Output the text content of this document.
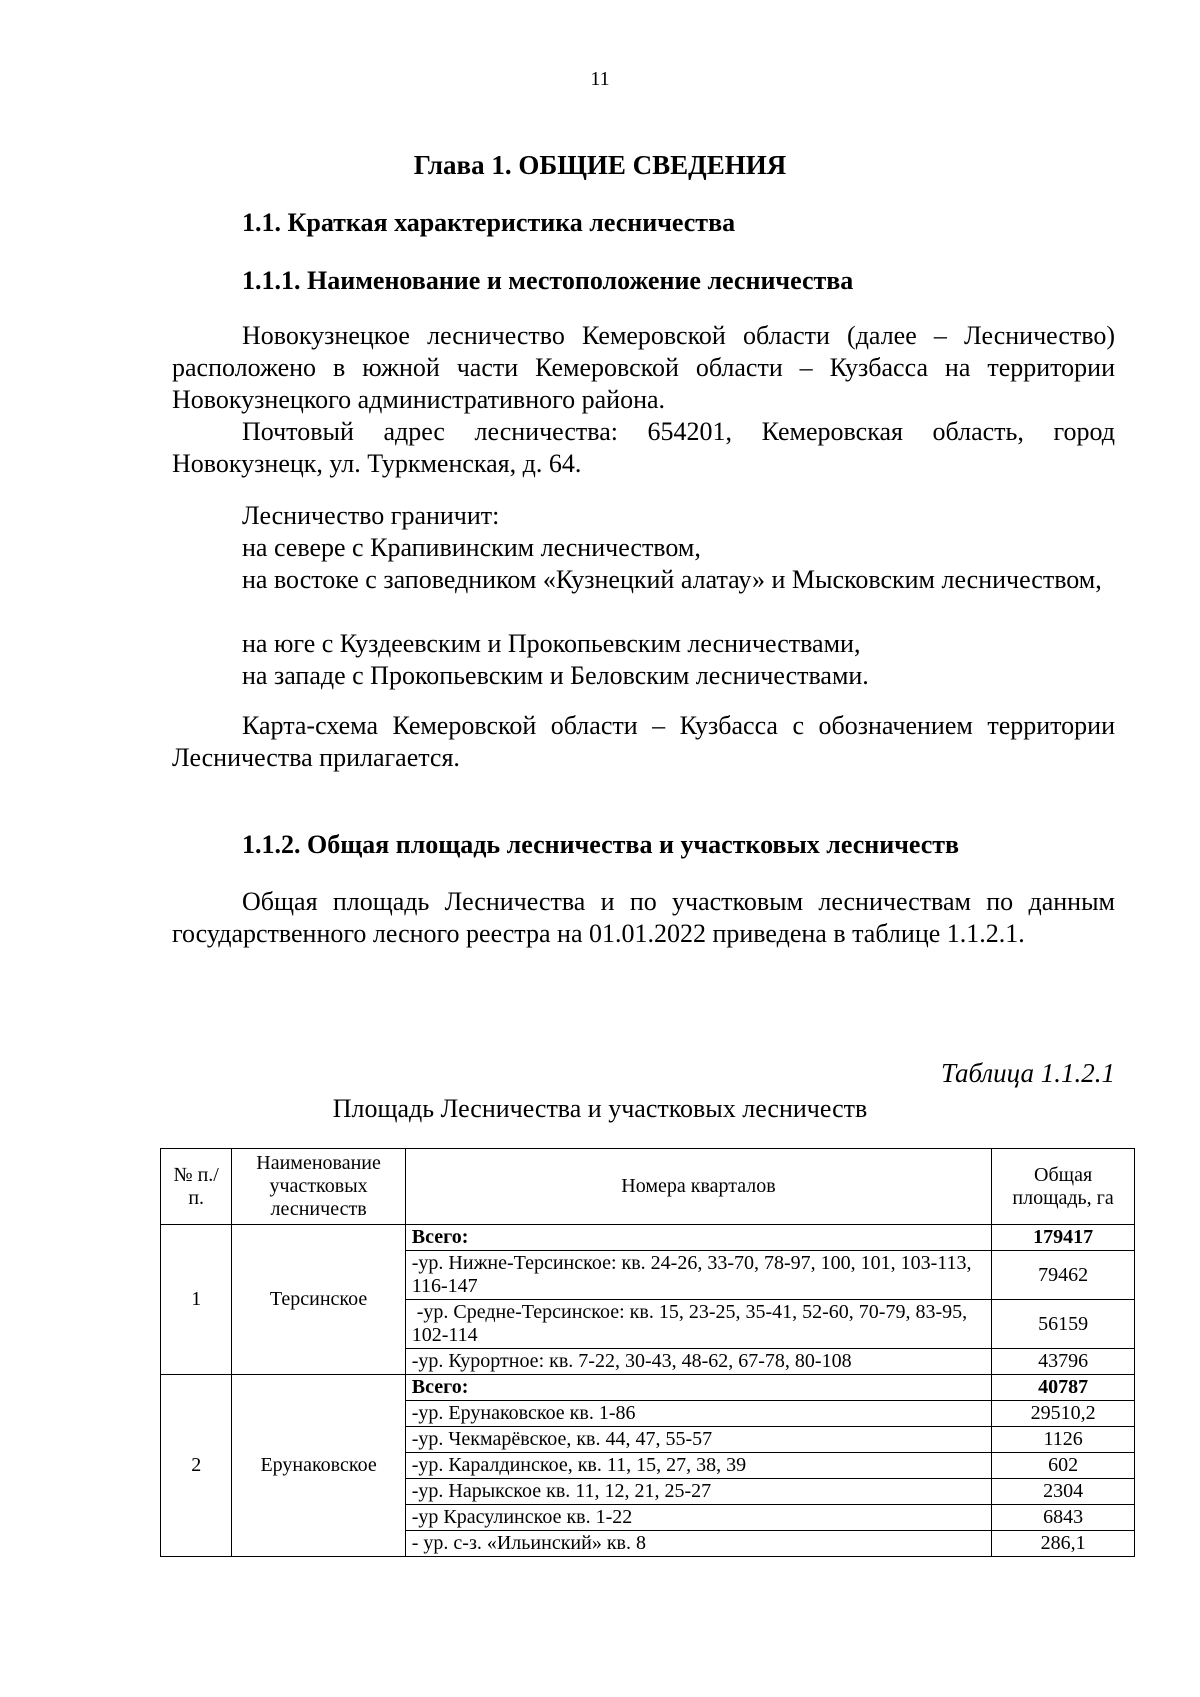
11
Глава 1. ОБЩИЕ СВЕДЕНИЯ
1.1. Краткая характеристика лесничества
1.1.1. Наименование и местоположение лесничества
Новокузнецкое лесничество Кемеровской области (далее – Лесничество) расположено в южной части Кемеровской области – Кузбасса на территории Новокузнецкого административного района.
Почтовый адрес лесничества: 654201, Кемеровская область, город Новокузнецк, ул. Туркменская, д. 64.
Лесничество граничит:
на севере с Крапивинским лесничеством,
на востоке с заповедником «Кузнецкий алатау» и Мысковским лесничеством,
на юге с Куздеевским и Прокопьевским лесничествами,
на западе с Прокопьевским и Беловским лесничествами.
Карта-схема Кемеровской области – Кузбасса с обозначением территории Лесничества прилагается.
1.1.2. Общая площадь лесничества и участковых лесничеств
Общая площадь Лесничества и по участковым лесничествам по данным государственного лесного реестра на 01.01.2022 приведена в таблице 1.1.2.1.
Таблица 1.1.2.1
Площадь Лесничества и участковых лесничеств
№ п./п.	Наименование участковых лесничеств	Номера кварталов	Общая площадь, га
1	Терсинское	Всего:	179417
		-ур. Нижне-Терсинское: кв. 24-26, 33-70, 78-97, 100, 101, 103-113, 116-147	79462
		-ур. Средне-Терсинское: кв. 15, 23-25, 35-41, 52-60, 70-79, 83-95, 102-114	56159
		-ур. Курортное: кв. 7-22, 30-43, 48-62, 67-78, 80-108	43796
2	Ерунаковское	Всего:	40787
		-ур. Ерунаковское кв. 1-86	29510,2
		-ур. Чекмарёвское, кв. 44, 47, 55-57	1126
		-ур. Каралдинское, кв. 11, 15, 27, 38, 39	602
		-ур. Нарыкское кв. 11, 12, 21, 25-27	2304
		-ур Красулинское кв. 1-22	6843
		- ур. с-з. «Ильинский» кв. 8	286,1
